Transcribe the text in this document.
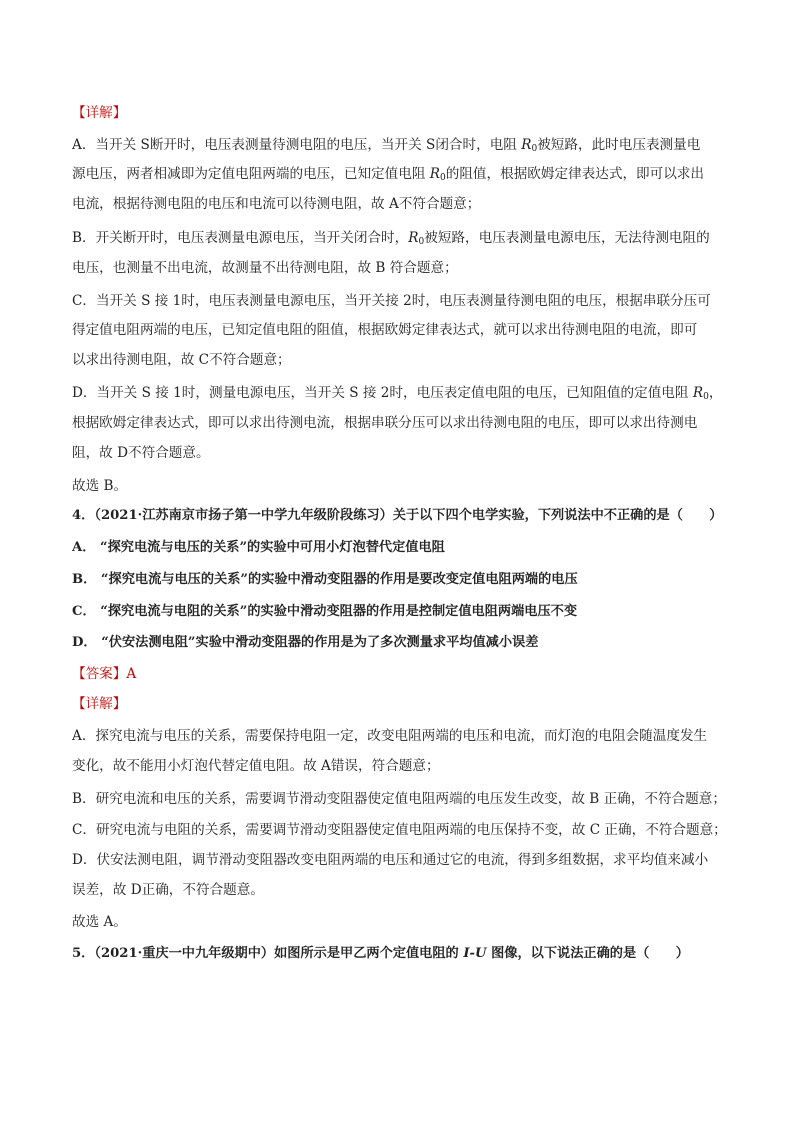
【详解】
A．当开关 S断开时，电压表测量待测电阻的电压，当开关 S闭合时，电阻 $R_0$被短路，此时电压表测量电
源电压，两者相减即为定值电阻两端的电压，已知定值电阻 $R_0$的阻值，根据欧姆定律表达式，即可以求出
电流，根据待测电阻的电压和电流可以待测电阻，故 A不符合题意；
B．开关断开时，电压表测量电源电压，当开关闭合时，$R_0$被短路，电压表测量电源电压，无法待测电阻的
电压，也测量不出电流，故测量不出待测电阻，故 B 符合题意；
C．当开关 S 接 1时，电压表测量电源电压，当开关接 2时，电压表测量待测电阻的电压，根据串联分压可
得定值电阻两端的电压，已知定值电阻的阻值，根据欧姆定律表达式，就可以求出待测电阻的电流，即可
以求出待测电阻，故 C不符合题意；
D．当开关 S 接 1时，测量电源电压，当开关 S 接 2时，电压表定值电阻的电压，已知阻值的定值电阻 $R_0$，
根据欧姆定律表达式，即可以求出待测电流，根据串联分压可以求出待测电阻的电压，即可以求出待测电
阻，故 D不符合题意。
故选 B。
4．（2021·江苏南京市扬子第一中学九年级阶段练习）关于以下四个电学实验，下列说法中不正确的是（　　）
A． “探究电流与电压的关系”的实验中可用小灯泡替代定值电阻
B． “探究电流与电压的关系”的实验中滑动变阻器的作用是要改变定值电阻两端的电压
C． “探究电流与电阻的关系”的实验中滑动变阻器的作用是控制定值电阻两端电压不变
D． “伏安法测电阻”实验中滑动变阻器的作用是为了多次测量求平均值减小误差
【答案】A
【详解】
A．探究电流与电压的关系，需要保持电阻一定，改变电阻两端的电压和电流，而灯泡的电阻会随温度发生
变化，故不能用小灯泡代替定值电阻。故 A错误，符合题意；
B．研究电流和电压的关系，需要调节滑动变阻器使定值电阻两端的电压发生改变，故 B 正确，不符合题意；
C．研究电流与电阻的关系，需要调节滑动变阻器使定值电阻两端的电压保持不变，故 C 正确，不符合题意；
D．伏安法测电阻，调节滑动变阻器改变电阻两端的电压和通过它的电流，得到多组数据，求平均值来减小
误差，故 D正确，不符合题意。
故选 A。
5．（2021·重庆一中九年级期中）如图所示是甲乙两个定值电阻的 I-U 图像，以下说法正确的是（　　）
